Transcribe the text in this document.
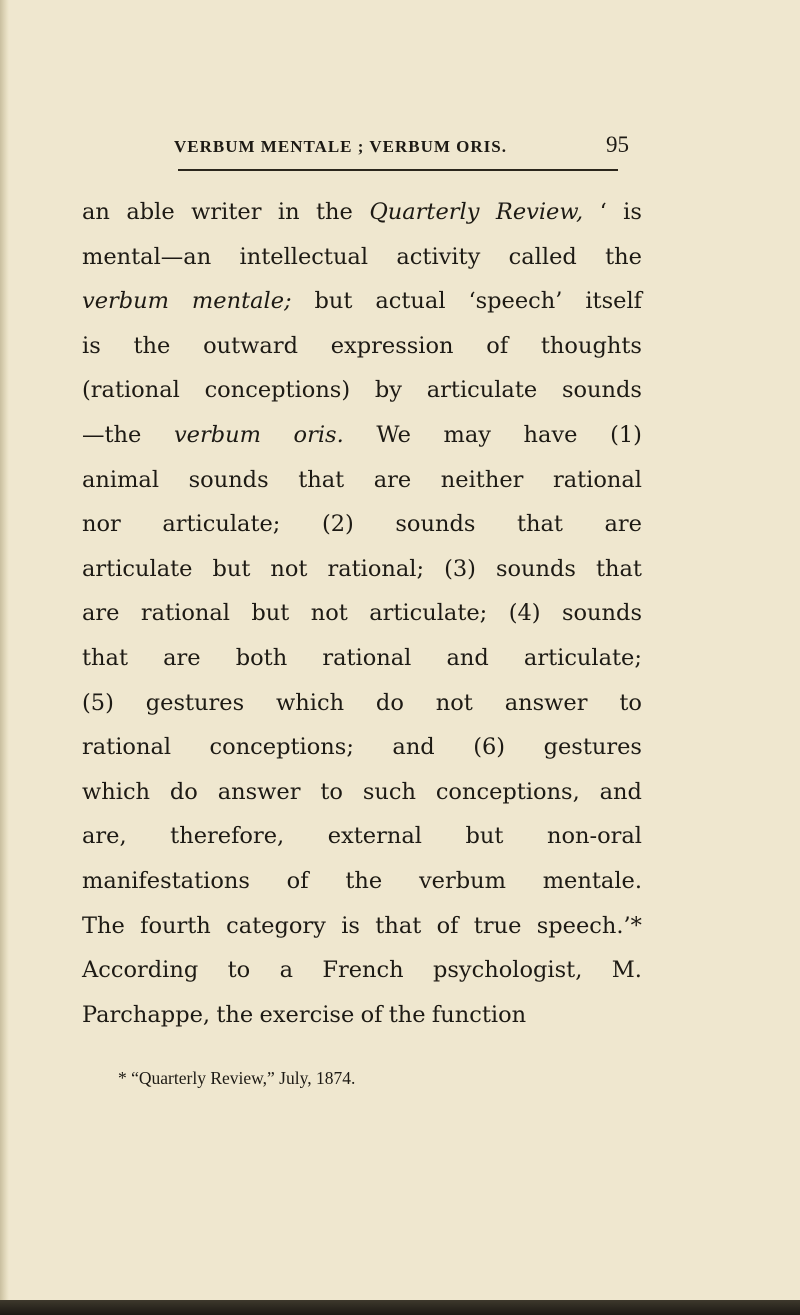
VERBUM MENTALE ; VERBUM ORIS.	95
an able writer in the Quarterly Review, ‘ is
mental—an intellectual activity called the
verbum mentale; but actual ‘speech’ itself
is the outward expression of thoughts
(rational conceptions) by articulate sounds
—the verbum oris. We may have (1)
animal sounds that are neither rational
nor articulate; (2) sounds that are
articulate but not rational; (3) sounds that
are rational but not articulate; (4) sounds
that are both rational and articulate;
(5) gestures which do not answer to
rational conceptions; and (6) gestures
which do answer to such conceptions, and
are, therefore, external but non-oral
manifestations of the verbum mentale.
The fourth category is that of true speech.’*
According to a French psychologist, M.
Parchappe, the exercise of the function
* “Quarterly Review,” July, 1874.
